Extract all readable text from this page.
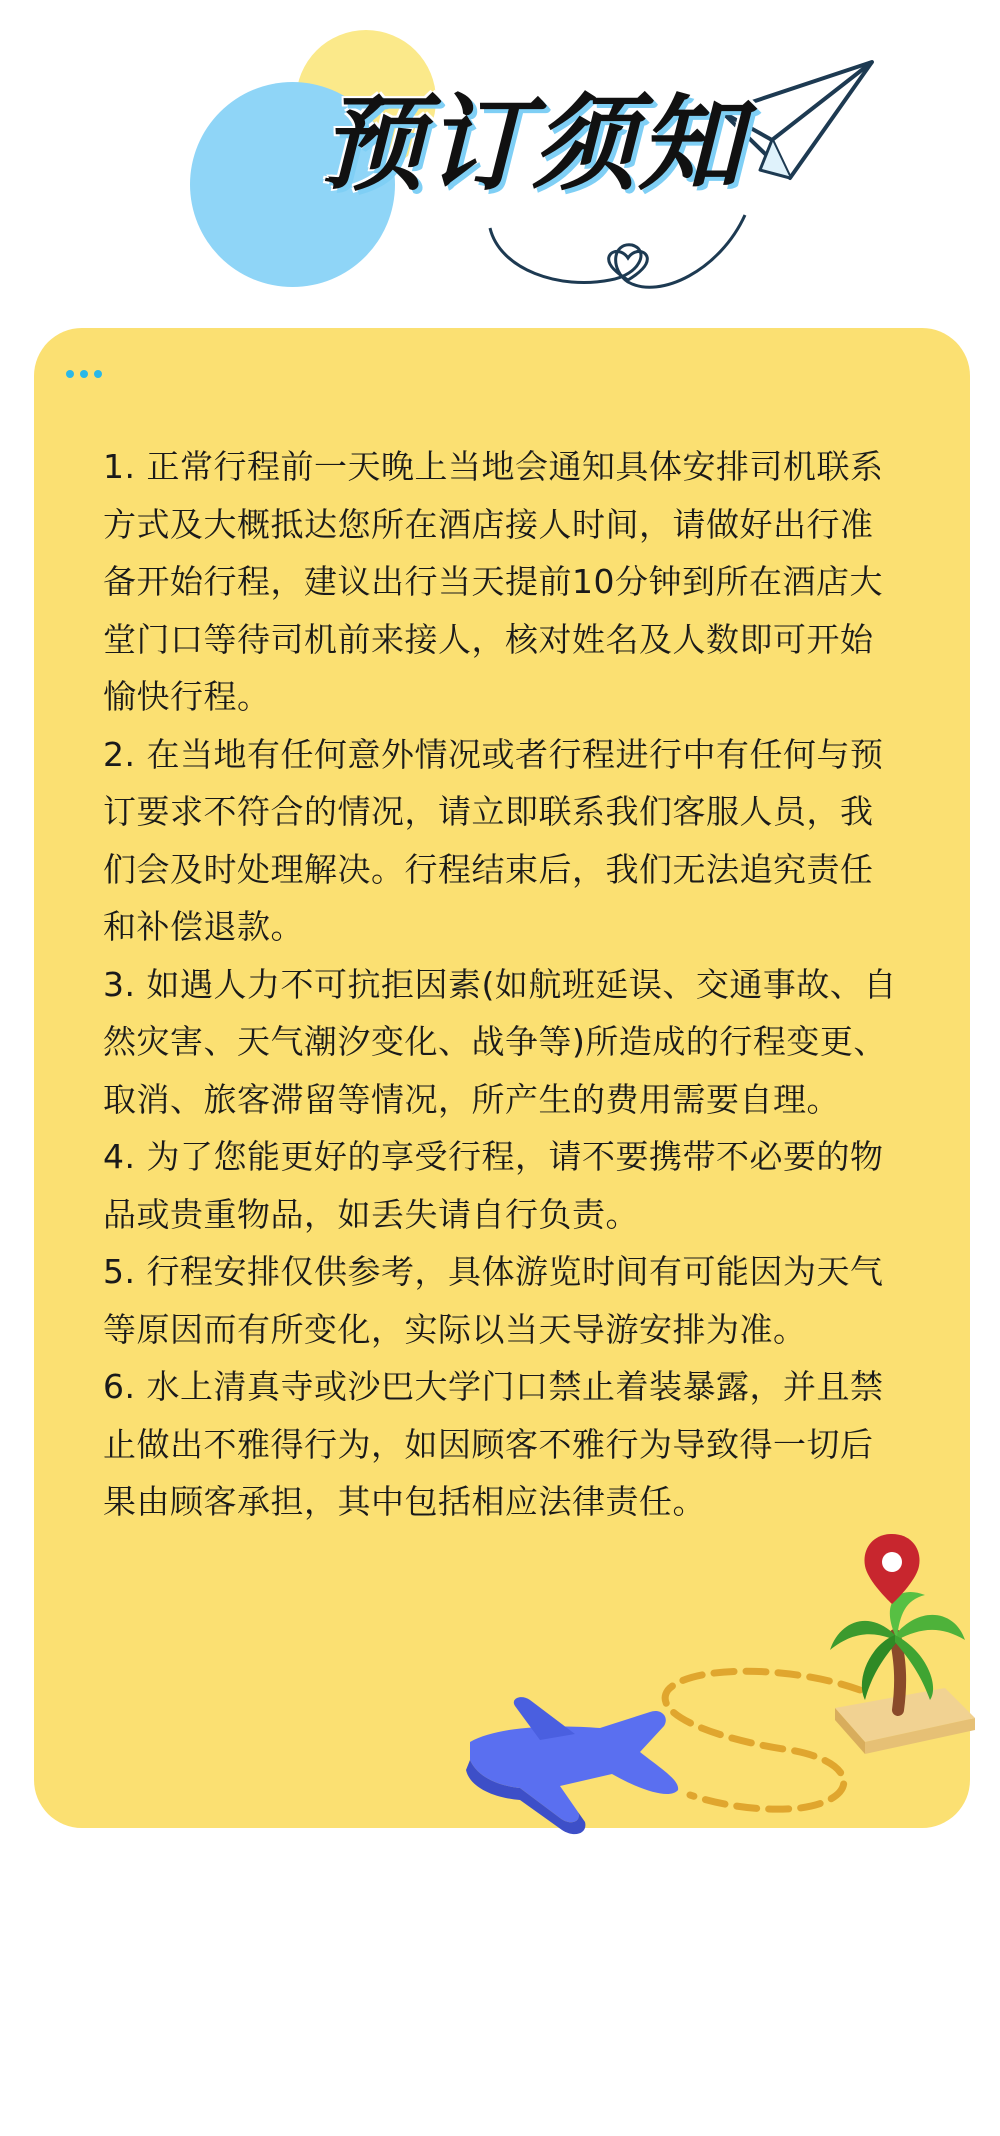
预订须知
1. 正常行程前一天晚上当地会通知具体安排司机联系方式及大概抵达您所在酒店接人时间，请做好出行准备开始行程，建议出行当天提前10分钟到所在酒店大堂门口等待司机前来接人，核对姓名及人数即可开始愉快行程。
2. 在当地有任何意外情况或者行程进行中有任何与预订要求不符合的情况，请立即联系我们客服人员，我们会及时处理解决。行程结束后，我们无法追究责任和补偿退款。
3. 如遇人力不可抗拒因素(如航班延误、交通事故、自然灾害、天气潮汐变化、战争等)所造成的行程变更、取消、旅客滞留等情况，所产生的费用需要自理。
4. 为了您能更好的享受行程，请不要携带不必要的物品或贵重物品，如丢失请自行负责。
5. 行程安排仅供参考，具体游览时间有可能因为天气等原因而有所变化，实际以当天导游安排为准。
6. 水上清真寺或沙巴大学门口禁止着装暴露，并且禁止做出不雅得行为，如因顾客不雅行为导致得一切后果由顾客承担，其中包括相应法律责任。
